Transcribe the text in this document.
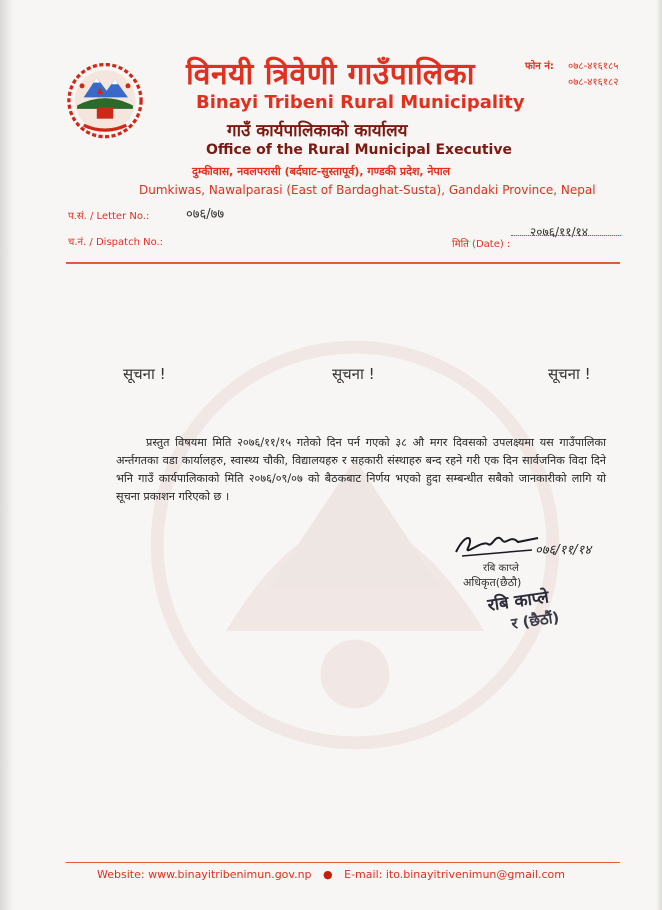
विनयी त्रिवेणी गाउँपालिका
Binayi Tribeni Rural Municipality
गाउँ कार्यपालिकाको कार्यालय
Office of the Rural Municipal Executive
दुम्कीवास, नवलपरासी (बर्दघाट-सुस्तापूर्व), गण्डकी प्रदेश, नेपाल
Dumkiwas, Nawalparasi (East of Bardaghat-Susta), Gandaki Province, Nepal
फोन नं: ०७८-४१६१८५
०७८-४१६१८२
प.सं. / Letter No.:	०७६/७७
च.नं. / Dispatch No.:	मिति (Date) :
२०७६/११/१४
सूचना !	सूचना !	सूचना !
प्रस्तुत विषयमा मिति २०७६/११/१५ गतेको दिन पर्न गएको ३८ औ मगर दिवसको उपलक्ष्यमा यस गाउँपालिका अर्न्तगतका वडा कार्यालहरु, स्वास्थ्य चौकी, विद्यालयहरु र सहकारी संस्थाहरु बन्द रहने गरी एक दिन सार्वजनिक विदा दिने भनि गाउँ कार्यपालिकाको मिति २०७६/०९/०७ को बैठकबाट निर्णय भएको हुदा सम्बन्धीत सबैको जानकारीको लागि यो सूचना प्रकाशन गरिएको छ ।
०७६/११/१४
रबि काप्ले
अधिकृत(छैठौ)
रबि काप्ले
र (छैठौं)
Website: www.binayitribenimun.gov.np ● E-mail: ito.binayitrivenimun@gmail.com
